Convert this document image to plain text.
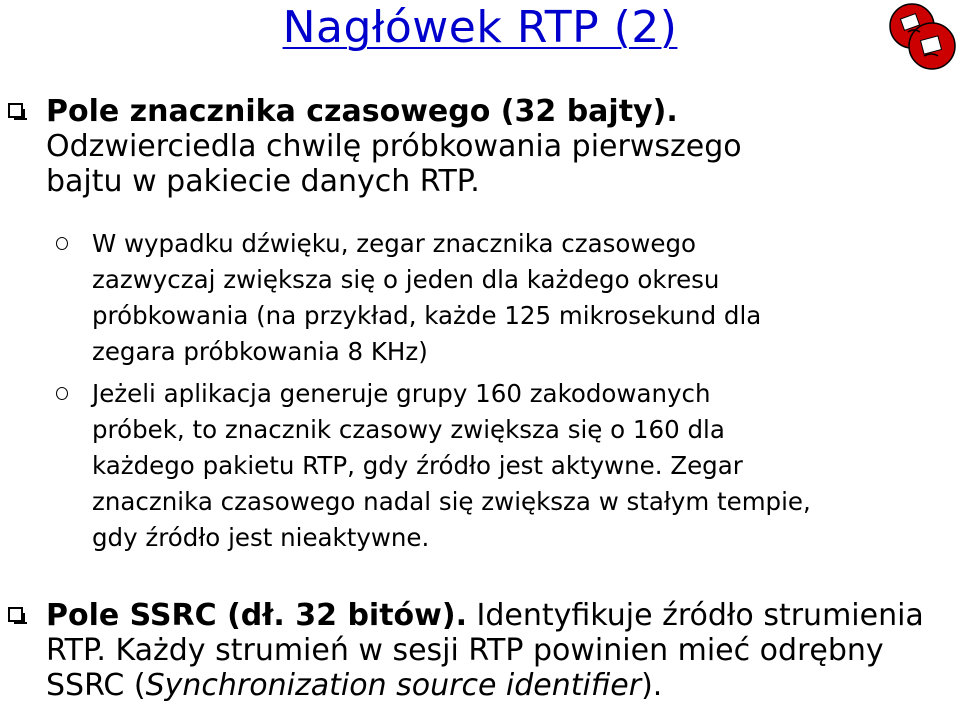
Nagłówek RTP (2)
Pole znacznika czasowego (32 bajty).
Odzwierciedla chwilę próbkowania pierwszego
bajtu w pakiecie danych RTP.
W wypadku dźwięku, zegar znacznika czasowego
zazwyczaj zwiększa się o jeden dla każdego okresu
próbkowania (na przykład, każde 125 mikrosekund dla
zegara próbkowania 8 KHz)
Jeżeli aplikacja generuje grupy 160 zakodowanych
próbek, to znacznik czasowy zwiększa się o 160 dla
każdego pakietu RTP, gdy źródło jest aktywne. Zegar
znacznika czasowego nadal się zwiększa w stałym tempie,
gdy źródło jest nieaktywne.
Pole SSRC (dł. 32 bitów). Identyfikuje źródło strumienia
RTP. Każdy strumień w sesji RTP powinien mieć odrębny
SSRC (Synchronization source identifier).
